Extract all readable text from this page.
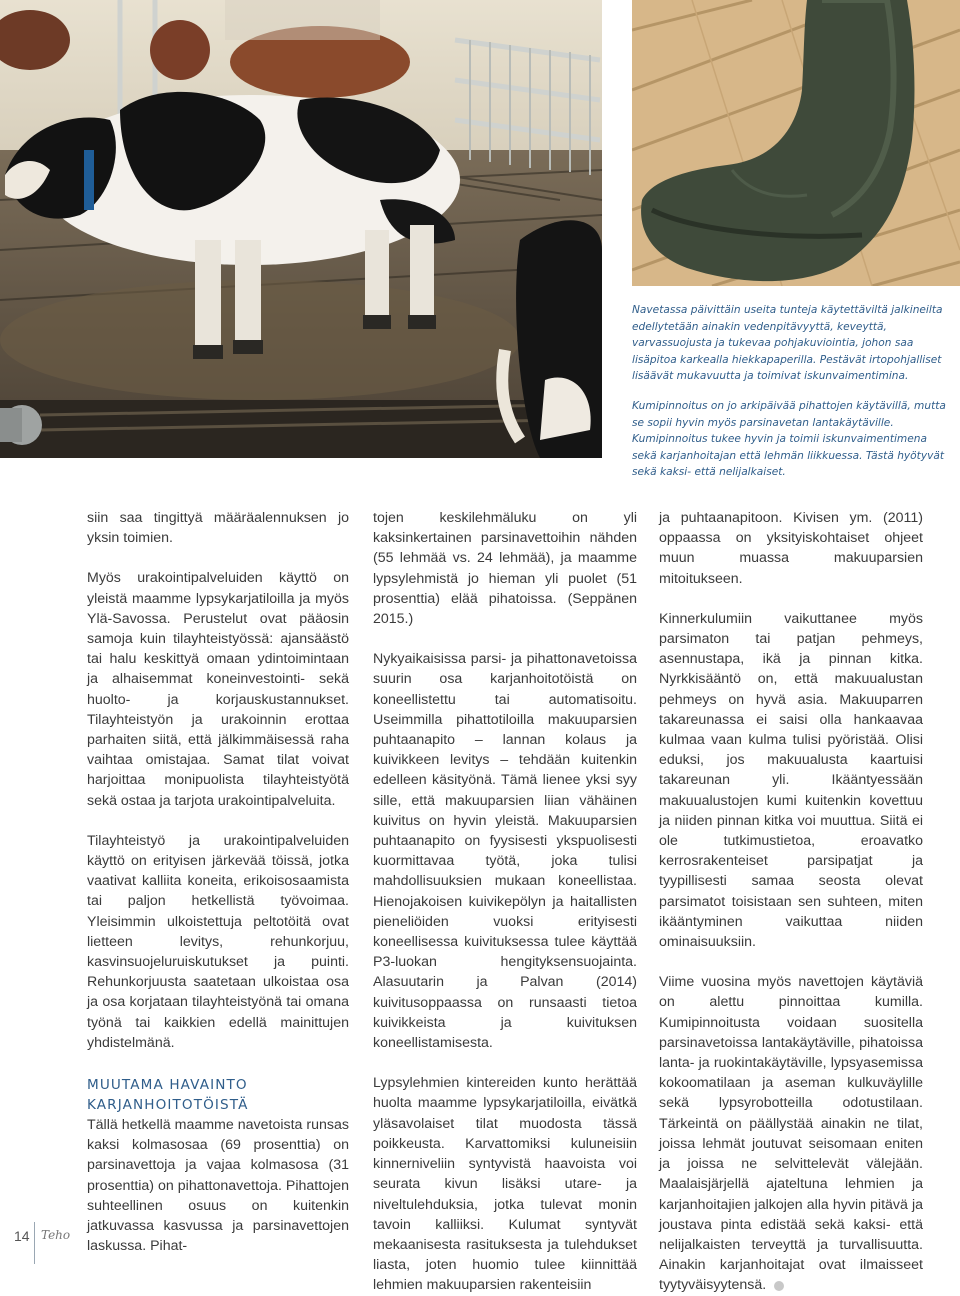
Navetassa päivittäin useita tunteja käytettäviltä jalkineilta edellytetään ainakin vedenpitävyyttä, keveyttä, varvassuojusta ja tukevaa pohjakuviointia, johon saa lisäpitoa karkealla hiekkapaperilla. Pestävät irtopohjalliset lisäävät mukavuutta ja toimivat iskunvaimentimina.

Kumipinnoitus on jo arkipäivää pihattojen käytävillä, mutta se sopii hyvin myös parsinavetan lantakäytäville. Kumipinnoitus tukee hyvin ja toimii iskunvaimentimena sekä karjanhoitajan että lehmän liikkuessa. Tästä hyötyvät sekä kaksi- että nelijalkaiset.

siin saa tingittyä määräalennuksen jo yksin toimien.

Myös urakointipalveluiden käyttö on yleistä maamme lypsykarjatiloilla ja myös Ylä-Savossa. Perustelut ovat pääosin samoja kuin tilayhteistyössä: ajansäästö tai halu keskittyä omaan ydintoimintaan ja alhaisemmat koneinvestointi- sekä huolto- ja korjauskustannukset. Tilayhteistyön ja urakoinnin erottaa parhaiten siitä, että jälkimmäisessä raha vaihtaa omistajaa. Samat tilat voivat harjoittaa monipuolista tilayhteistyötä sekä ostaa ja tarjota urakointipalveluita.

Tilayhteistyö ja urakointipalveluiden käyttö on erityisen järkevää töissä, jotka vaativat kalliita koneita, erikoisosaamista tai paljon hetkellistä työvoimaa. Yleisimmin ulkoistettuja peltotöitä ovat lietteen levitys, rehunkorjuu, kasvinsuojeluruiskutukset ja puinti. Rehunkorjuusta saatetaan ulkoistaa osa ja osa korjataan tilayhteistyönä tai omana työnä tai kaikkien edellä mainittujen yhdistelmänä.

MUUTAMA HAVAINTO
KARJANHOITOTÖISTÄ

Tällä hetkellä maamme navetoista runsas kaksi kolmasosaa (69 prosenttia) on parsinavettoja ja vajaa kolmasosa (31 prosenttia) on pihattonavettoja. Pihattojen suhteellinen osuus on kuitenkin jatkuvassa kasvussa ja parsinavettojen laskussa. Pihat-

tojen keskilehmäluku on yli kaksinkertainen parsinavettoihin nähden (55 lehmää vs. 24 lehmää), ja maamme lypsylehmistä jo hieman yli puolet (51 prosenttia) elää pihatoissa. (Seppänen 2015.)

Nykyaikaisissa parsi- ja pihattonavetoissa suurin osa karjanhoitotöistä on koneellistettu tai automatisoitu. Useimmilla pihattotiloilla makuuparsien puhtaanapito – lannan kolaus ja kuivikkeen levitys – tehdään kuitenkin edelleen käsityönä. Tämä lienee yksi syy sille, että makuuparsien liian vähäinen kuivitus on hyvin yleistä. Makuuparsien puhtaanapito on fyysisesti ykspuolisesti kuormittavaa työtä, joka tulisi mahdollisuuksien mukaan koneellistaa. Hienojakoisen kuivikepölyn ja haitallisten pieneliöiden vuoksi erityisesti koneellisessa kuivituksessa tulee käyttää P3-luokan hengityksensuojainta. Alasuutarin ja Palvan (2014) kuivitusoppaassa on runsaasti tietoa kuivikkeista ja kuivituksen koneellistamisesta.

Lypsylehmien kintereiden kunto herättää huolta maamme lypsykarjatiloilla, eivätkä yläsavolaiset tilat muodosta tässä poikkeusta. Karvattomiksi kuluneisiin kinnerniveliin syntyvistä haavoista voi seurata kivun lisäksi utare- ja niveltulehduksia, jotka tulevat monin tavoin kalliiksi. Kulumat syntyvät mekaanisesta rasituksesta ja tulehdukset liasta, joten huomio tulee kiinnittää lehmien makuuparsien rakenteisiin

ja puhtaanapitoon. Kivisen ym. (2011) oppaassa on yksityiskohtaiset ohjeet muun muassa makuuparsien mitoitukseen.

Kinnerkulumiin vaikuttanee myös parsimaton tai patjan pehmeys, asennustapa, ikä ja pinnan kitka. Nyrkkisääntö on, että makuualustan pehmeys on hyvä asia. Makuuparren takareunassa ei saisi olla hankaavaa kulmaa vaan kulma tulisi pyöristää. Olisi eduksi, jos makuualusta kaartuisi takareunan yli. Ikääntyessään makuualustojen kumi kuitenkin kovettuu ja niiden pinnan kitka voi muuttua. Siitä ei ole tutkimustietoa, eroavatko kerrosrakenteiset parsipatjat ja tyypillisesti samaa seosta olevat parsimatot toisistaan sen suhteen, miten ikääntyminen vaikuttaa niiden ominaisuuksiin.

Viime vuosina myös navettojen käytäviä on alettu pinnoittaa kumilla. Kumipinnoitusta voidaan suositella parsinavetoissa lantakäytäville, pihatoissa lanta- ja ruokintakäytäville, lypsyasemissa kokoomatilaan ja aseman kulkuväylille sekä lypsyrobotteilla odotustilaan. Tärkeintä on päällystää ainakin ne tilat, joissa lehmät joutuvat seisomaan eniten ja joissa ne selvittelevät välejään. Maalaisjärjellä ajateltuna lehmien ja karjanhoitajien jalkojen alla hyvin pitävä ja joustava pinta edistää sekä kaksi- että nelijalkaisten terveyttä ja turvallisuutta. Ainakin karjanhoitajat ovat ilmaisseet tyytyväisyytensä.

14 Teho
